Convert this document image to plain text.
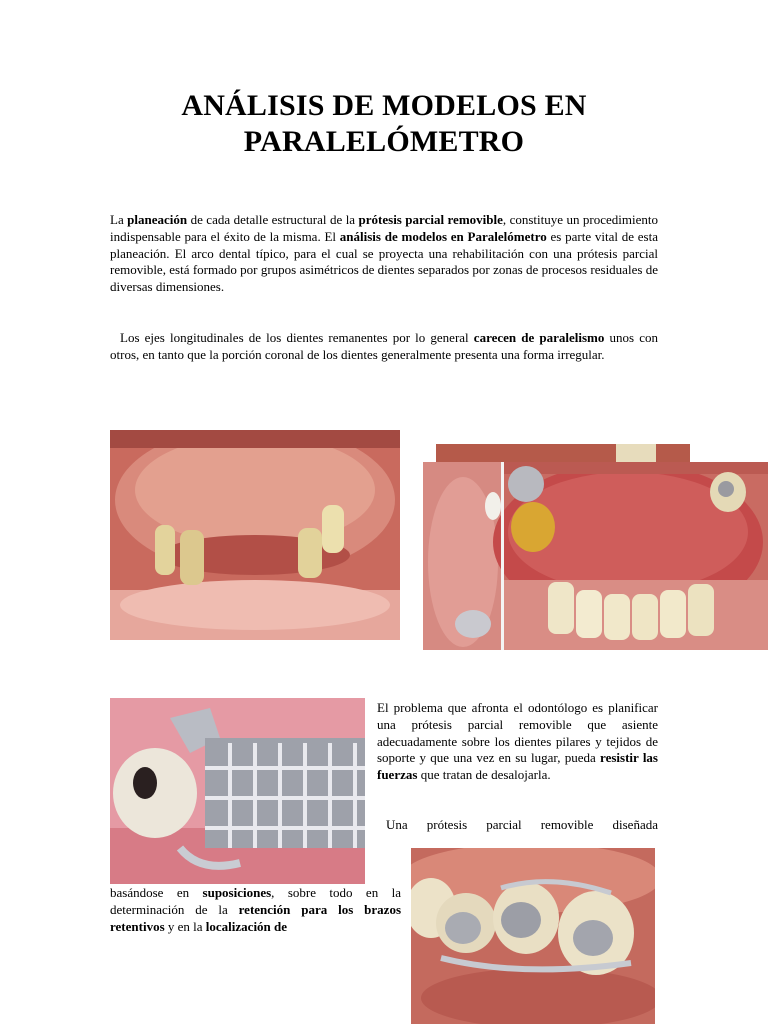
ANÁLISIS DE MODELOS EN
PARALELÓMETRO

La planeación de cada detalle estructural de la prótesis parcial removible, constituye un procedimiento indispensable para el éxito de la misma. El análisis de modelos en Paralelómetro es parte vital de esta planeación. El arco dental típico, para el cual se proyecta una rehabilitación con una prótesis parcial removible, está formado por grupos asimétricos de dientes separados por zonas de procesos residuales de diversas dimensiones.

Los ejes longitudinales de los dientes remanentes por lo general carecen de paralelismo unos con otros, en tanto que la porción coronal de los dientes generalmente presenta una forma irregular.

El problema que afronta el odontólogo es planificar una prótesis parcial removible que asiente adecuadamente sobre los dientes pilares y tejidos de soporte y que una vez en su lugar, pueda resistir las fuerzas que tratan de desalojarla.

Una prótesis parcial removible diseñada

basándose en suposiciones, sobre todo en la determinación de la retención para los brazos retentivos y en la localización de
